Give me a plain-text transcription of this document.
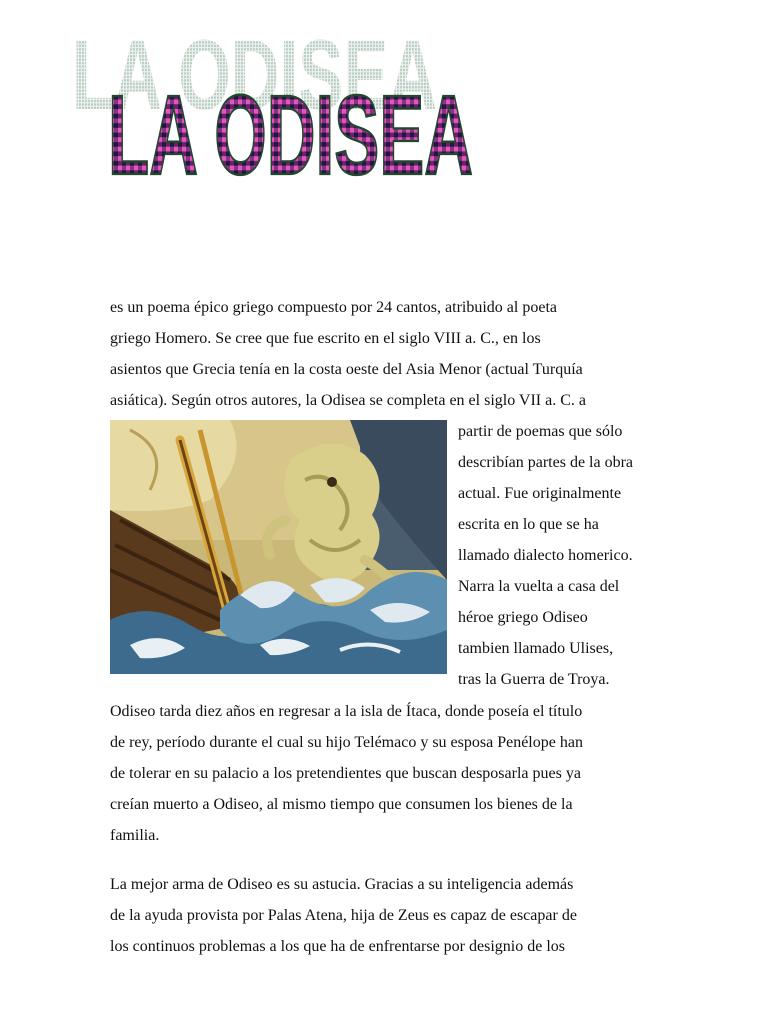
LA ODISEA
LA ODISEA

es un poema épico griego compuesto por 24 cantos, atribuido al poeta
griego Homero. Se cree que fue escrito en el siglo VIII a. C., en los
asientos que Grecia tenía en la costa oeste del Asia Menor (actual Turquía
asiática). Según otros autores, la Odisea se completa en el siglo VII a. C. a

partir de poemas que sólo
describían partes de la obra
actual. Fue originalmente
escrita en lo que se ha
llamado dialecto homerico.
Narra la vuelta a casa del
héroe griego Odiseo
tambien llamado Ulises,
tras la Guerra de Troya.

Odiseo tarda diez años en regresar a la isla de Ítaca, donde poseía el título
de rey, período durante el cual su hijo Telémaco y su esposa Penélope han
de tolerar en su palacio a los pretendientes que buscan desposarla pues ya
creían muerto a Odiseo, al mismo tiempo que consumen los bienes de la
familia.

La mejor arma de Odiseo es su astucia. Gracias a su inteligencia además
de la ayuda provista por Palas Atena, hija de Zeus es capaz de escapar de
los continuos problemas a los que ha de enfrentarse por designio de los
